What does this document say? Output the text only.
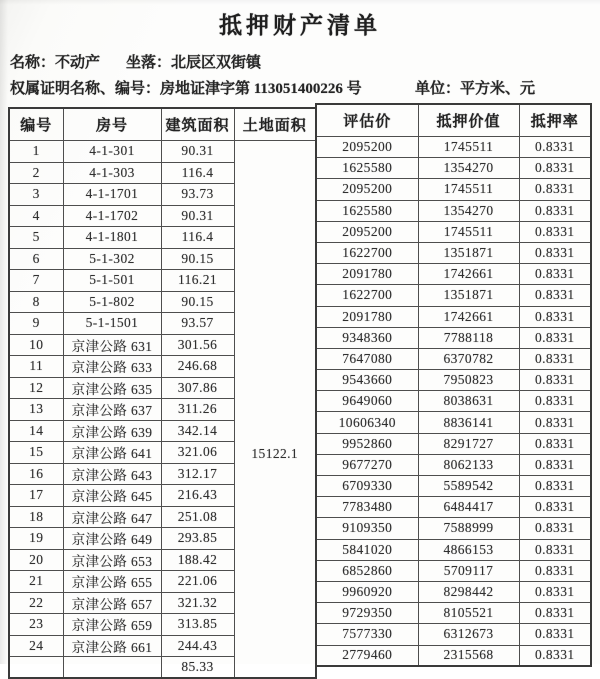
抵押财产清单
名称：不动产 坐落：北辰区双街镇
权属证明名称、编号：房地证津字第 113051400226 号	单位：平方米、元
编号	房号	建筑面积	土地面积
1	4-1-301	90.31	15122.1

2	4-1-303	116.4	
3	4-1-1701	93.73	
4	4-1-1702	90.31	
5	4-1-1801	116.4	
6	5-1-302	90.15	
7	5-1-501	116.21	
8	5-1-802	90.15	
9	5-1-1501	93.57	
10	京津公路 631	301.56	
11	京津公路 633	246.68	
12	京津公路 635	307.86	
13	京津公路 637	311.26	
14	京津公路 639	342.14	
15	京津公路 641	321.06	
16	京津公路 643	312.17	
17	京津公路 645	216.43	
18	京津公路 647	251.08	
19	京津公路 649	293.85	
20	京津公路 653	188.42	
21	京津公路 655	221.06	
22	京津公路 657	321.32	
23	京津公路 659	313.85	
24	京津公路 661	244.43	
		85.33	
评估价	抵押价值	抵押率
2095200	1745511	0.8331
1625580	1354270	0.8331
2095200	1745511	0.8331
1625580	1354270	0.8331
2095200	1745511	0.8331
1622700	1351871	0.8331
2091780	1742661	0.8331
1622700	1351871	0.8331
2091780	1742661	0.8331
9348360	7788118	0.8331
7647080	6370782	0.8331
9543660	7950823	0.8331
9649060	8038631	0.8331
10606340	8836141	0.8331
9952860	8291727	0.8331
9677270	8062133	0.8331
6709330	5589542	0.8331
7783480	6484417	0.8331
9109350	7588999	0.8331
5841020	4866153	0.8331
6852860	5709117	0.8331
9960920	8298442	0.8331
9729350	8105521	0.8331
7577330	6312673	0.8331
2779460	2315568	0.8331
